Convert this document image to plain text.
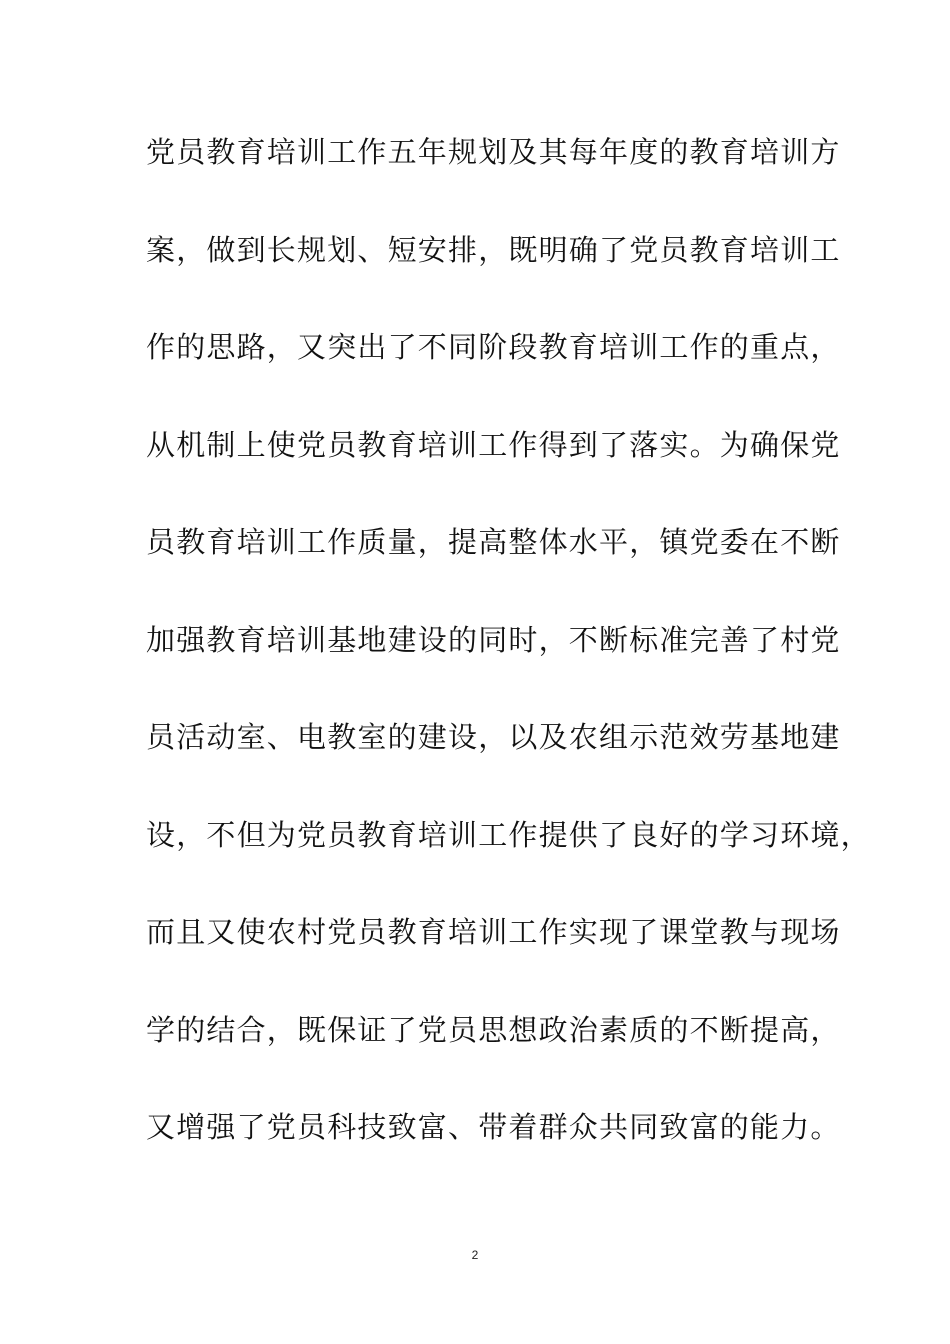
党员教育培训工作五年规划及其每年度的教育培训方
案，做到长规划、短安排，既明确了党员教育培训工
作的思路，又突出了不同阶段教育培训工作的重点，
从机制上使党员教育培训工作得到了落实。为确保党
员教育培训工作质量，提高整体水平，镇党委在不断
加强教育培训基地建设的同时，不断标准完善了村党
员活动室、电教室的建设，以及农组示范效劳基地建
设，不但为党员教育培训工作提供了良好的学习环境，
而且又使农村党员教育培训工作实现了课堂教与现场
学的结合，既保证了党员思想政治素质的不断提高，
又增强了党员科技致富、带着群众共同致富的能力。
2
